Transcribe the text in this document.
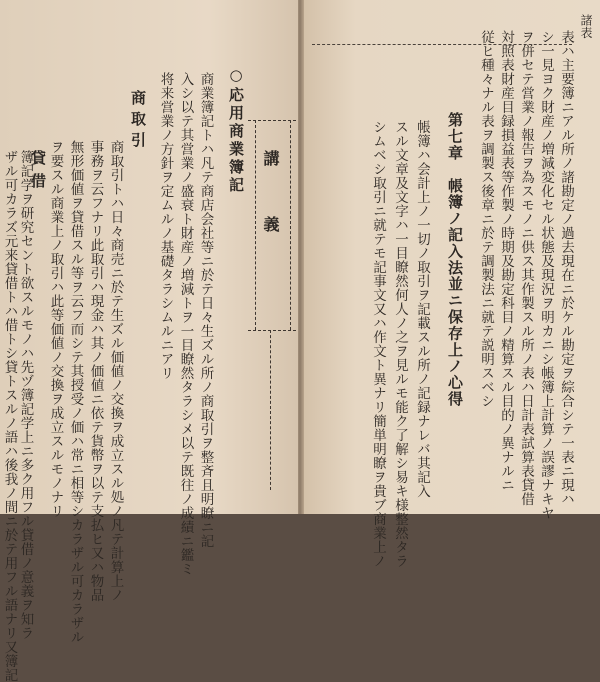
諸表
表ハ主要簿ニアル所ノ諸勘定ノ過去現在ニ於ケル勘定ヲ綜合シテ一表ニ現ハ
シ一見ヨク財産ノ増減変化セル状態及現況ヲ明カニシ帳簿上計算ノ誤謬ナキヤ
ヲ併セテ営業ノ報告ヲ為スモノニ供ス其作製スル所ノ表ハ日計表試算表貸借
対照表財産目録損益表等作製ノ時期及勘定科目ノ精算スル目的ノ異ナルニ
従ヒ種々ナル表ヲ調製ス後章ニ於テ調製法ニ就テ説明スベシ
第七章　帳簿ノ記入法並ニ保存上ノ心得
帳簿ハ会計上ノ一切ノ取引ヲ記載スル所ノ記録ナレバ其記入
スル文章及文字ハ一目瞭然何人ノ之ヲ見ルモ能ク了解シ易キ様整然タラ
シムベシ取引ニ就テモ記事文又ハ作文ト異ナリ簡単明瞭ヲ貴ブ商業上ノ
講義
○応用商業簿記
商業簿記トハ凡テ商店会社等ニ於テ日々生ズル所ノ商取引ヲ整斉且明瞭ニ記
入シ以テ其営業ノ盛衰ト財産ノ増減トヲ一目瞭然タラシメ以テ既往ノ成績ニ鑑ミ
将来営業ノ方針ヲ定ムルノ基礎タラシムルニアリ
商取引
商取引トハ日々商売ニ於テ生ズル価値ノ交換ヲ成立スル処ノ凡テ計算上ノ
事務ヲ云フナリ此取引ハ現金ハ其ノ価値ニ依テ貨幣ヲ以テ支払ヒ又ハ物品
無形価値ヲ貸借スル等ヲ云フ而シテ其授受ノ価ハ常ニ相等シカラザル可カラザル
ヲ要スル商業上ノ取引ハ此等価値ノ交換ヲ成立スルモノナリ
貸借
簿記学ヲ研究セント欲スルモノハ先ヅ簿記学上ニ多ク用フル貸借ノ意義ヲ知ラ
ザル可カラズ元来貸借トハ借トシ貸トスルノ語ハ後我ノ間ニ於テ用フル語ナリ又簿記
